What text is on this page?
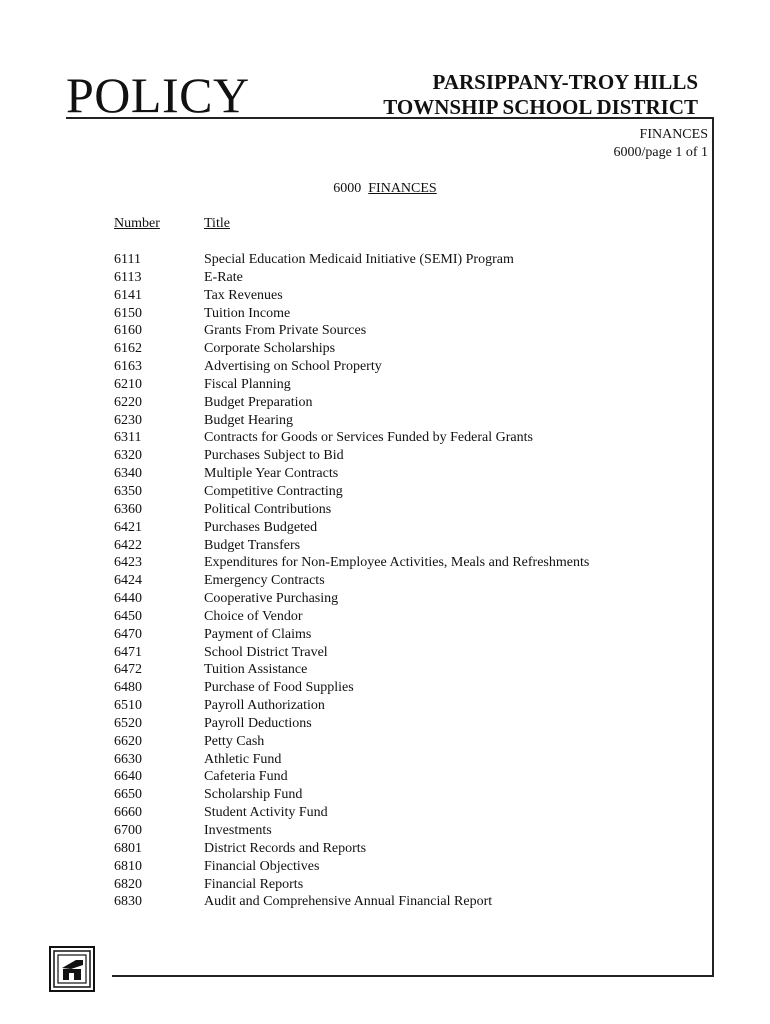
POLICY	PARSIPPANY-TROY HILLS
TOWNSHIP SCHOOL DISTRICT
FINANCES
6000/page 1 of 1
6000 FINANCES
Number	Title
6111	Special Education Medicaid Initiative (SEMI) Program
6113	E-Rate
6141	Tax Revenues
6150	Tuition Income
6160	Grants From Private Sources
6162	Corporate Scholarships
6163	Advertising on School Property
6210	Fiscal Planning
6220	Budget Preparation
6230	Budget Hearing
6311	Contracts for Goods or Services Funded by Federal Grants
6320	Purchases Subject to Bid
6340	Multiple Year Contracts
6350	Competitive Contracting
6360	Political Contributions
6421	Purchases Budgeted
6422	Budget Transfers
6423	Expenditures for Non-Employee Activities, Meals and Refreshments
6424	Emergency Contracts
6440	Cooperative Purchasing
6450	Choice of Vendor
6470	Payment of Claims
6471	School District Travel
6472	Tuition Assistance
6480	Purchase of Food Supplies
6510	Payroll Authorization
6520	Payroll Deductions
6620	Petty Cash
6630	Athletic Fund
6640	Cafeteria Fund
6650	Scholarship Fund
6660	Student Activity Fund
6700	Investments
6801	District Records and Reports
6810	Financial Objectives
6820	Financial Reports
6830	Audit and Comprehensive Annual Financial Report
